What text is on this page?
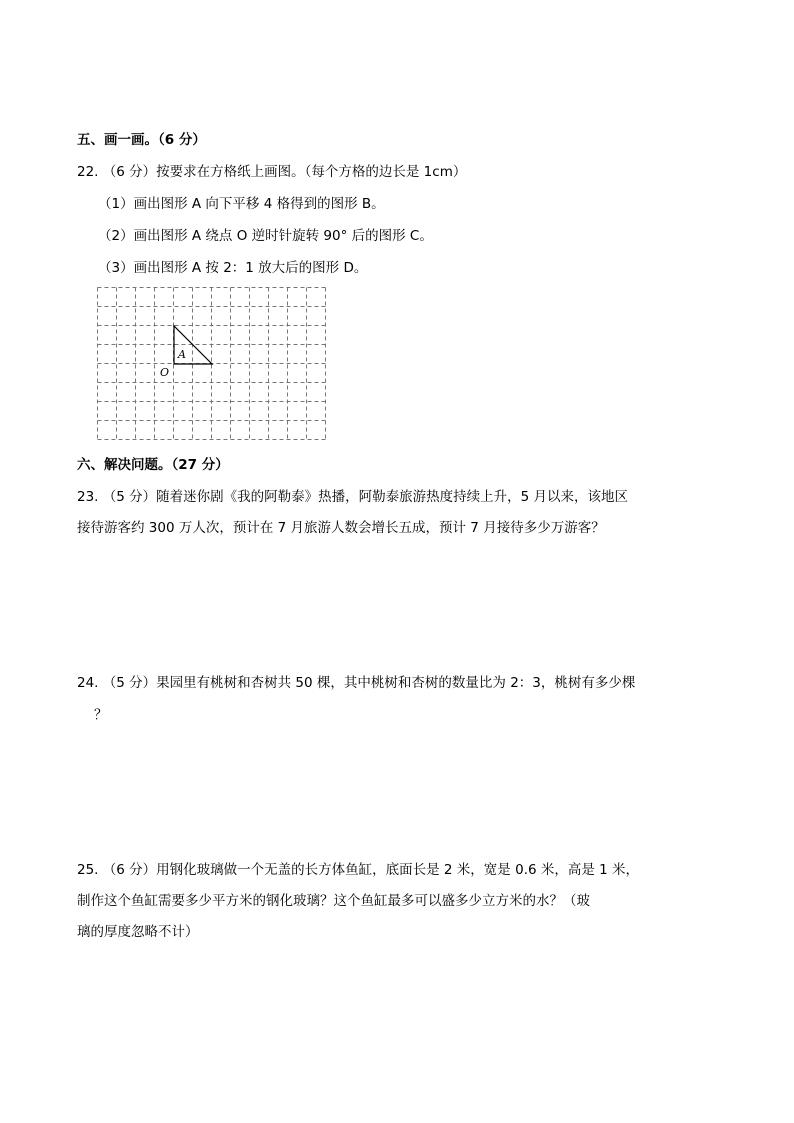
五、画一画。（6 分）
22. （6 分）按要求在方格纸上画图。（每个方格的边长是 1cm）
（1）画出图形 A 向下平移 4 格得到的图形 B。
（2）画出图形 A 绕点 O 逆时针旋转 90° 后的图形 C。
（3）画出图形 A 按 2：1 放大后的图形 D。
A
O
六、解决问题。（27 分）
23. （5 分）随着迷你剧《我的阿勒泰》热播，阿勒泰旅游热度持续上升，5 月以来，该地区
接待游客约 300 万人次，预计在 7 月旅游人数会增长五成，预计 7 月接待多少万游客？
24. （5 分）果园里有桃树和杏树共 50 棵，其中桃树和杏树的数量比为 2：3，桃树有多少棵
？
25. （6 分）用钢化玻璃做一个无盖的长方体鱼缸，底面长是 2 米，宽是 0.6 米，高是 1 米，
制作这个鱼缸需要多少平方米的钢化玻璃？这个鱼缸最多可以盛多少立方米的水？（玻
璃的厚度忽略不计）
